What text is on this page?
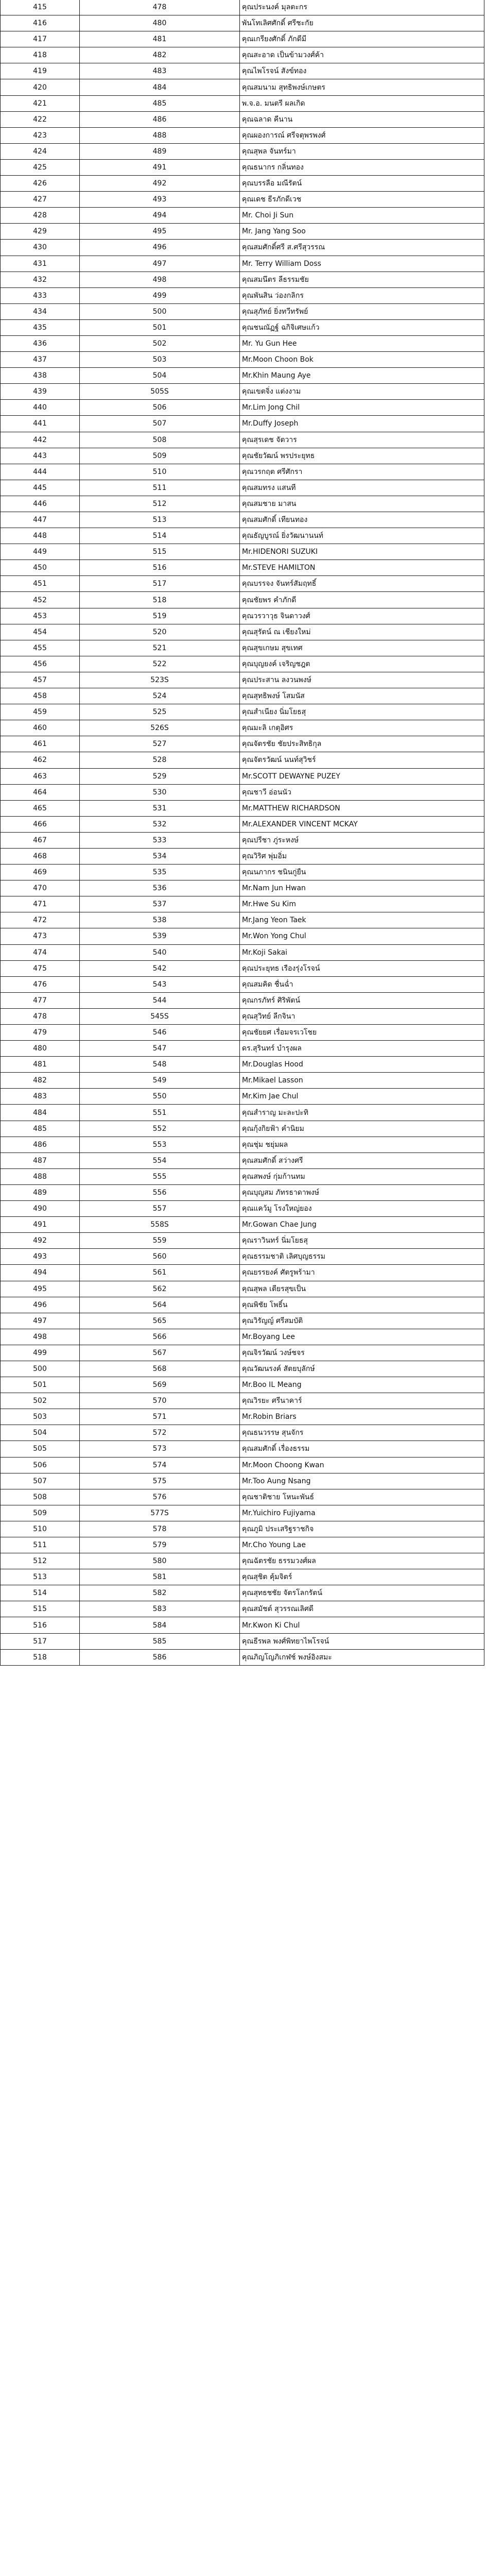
415	478	คุณประนงค์ มุลตะกร
416	480	พันโทเลิศศักดิ์ ศรีชะกัย
417	481	คุณเกรียงศักดิ์ ภักดีมี
418	482	คุณสะอาด เป็นข้ามวงศ์ค้า
419	483	คุณไพโรจน์ สังข์ทอง
420	484	คุณสมนาม สุทธิพงษ์เกษตร
421	485	พ.จ.อ. มนตรี ผลเกิด
422	486	คุณฉลาด คีนาน
423	488	คุณผองการณ์ ศรีจตุพรพงศ์
424	489	คุณสุพล จันทร์มา
425	491	คุณธนากร กลิ่นทอง
426	492	คุณบรรลือ มณีรัตน์
427	493	คุณเดช ธีรภักดีเวช
428	494	Mr. Choi Ji Sun
429	495	Mr. Jang Yang Soo
430	496	คุณสมศักดิ์ศรี ส.ศรีสุวรรณ
431	497	Mr. Terry William Doss
432	498	คุณสมนึตร ลีธรรมชัย
433	499	คุณพันสิน ว่องกลิกร
434	500	คุณสุภัทย์ ยิ่งทวีทรัพย์
435	501	คุณชนณัฏฐ์ ฉกิจิเศษแก้ว
436	502	Mr. Yu Gun Hee
437	503	Mr.Moon Choon Bok
438	504	Mr.Khin Maung Aye
439	505S	คุณเขตจิ่ง แต่งงาม
440	506	Mr.Lim Jong Chil
441	507	Mr.Duffy Joseph
442	508	คุณสุรเดช จัตวาร
443	509	คุณชัยวัฒน์ พรประยุทธ
444	510	คุณวรกฤต ศรีศักรา
445	511	คุณสมทรง แสนที
446	512	คุณสมชาย มาสน
447	513	คุณสมศักดิ์ เทียนทอง
448	514	คุณธัญบูรณ์ ยิ่งวัฒนานนท์
449	515	Mr.HIDENORI SUZUKI
450	516	Mr.STEVE HAMILTON
451	517	คุณบรรจง จันทร์สัมฤทธิ์
452	518	คุณชัยพร คำภักดี
453	519	คุณวรวาวุธ จินดาวงศ์
454	520	คุณสุรัตน์ ณ เชียงใหม่
455	521	คุณสุขเกษม สุขเทศ
456	522	คุณบุญยงค์ เจริญชฎต
457	523S	คุณประสาน ลงวนพงษ์
458	524	คุณสุทธิพงษ์ โสมนัส
459	525	คุณสำเนียง นิ่มโยธสุ
460	526S	คุณมะลิ เกตุอิศร
461	527	คุณจัตรชัย ชัยประสิทธิกุล
462	528	คุณจัตรวัฒน์ นนท์สุวิชร์
463	529	Mr.SCOTT DEWAYNE PUZEY
464	530	คุณชาวี อ่อนนัว
465	531	Mr.MATTHEW RICHARDSON
466	532	Mr.ALEXANDER VINCENT MCKAY
467	533	คุณปรีชา ภู่ระหงษ์
468	534	คุณวิริศ พุ่มอิ่ม
469	535	คุณนภากร ชนินกู่ยืน
470	536	Mr.Nam Jun Hwan
471	537	Mr.Hwe Su Kim
472	538	Mr.Jang Yeon Taek
473	539	Mr.Won Yong Chul
474	540	Mr.Koji Sakai
475	542	คุณประยุทธ เรืองรุ่งโรจน์
476	543	คุณสมคิด ชื่นฉ่ำ
477	544	คุณกรภัทร์ ศิริพัตน์
478	545S	คุณสุวิทย์ ลีกจินา
479	546	คุณชัยยศ เรื่อมจรเวโชย
480	547	ดร.สุรินทร์ บำรุงผล
481	548	Mr.Douglas Hood
482	549	Mr.Mikael Lasson
483	550	Mr.Kim Jae Chul
484	551	คุณสำราญ มะละปะทิ
485	552	คุณกุ้งกิยฟ้า คำนิยม
486	553	คุณชุ่ม ชยุ่มผล
487	554	คุณสมศักดิ์ สว่างศรี
488	555	คุณสพงษ์ กุ่มก้านทม
489	556	คุณบุญสม ภัทรธาดาพงษ์
490	557	คุณแคว้มู โรงใหญ่ยอง
491	558S	Mr.Gowan Chae Jung
492	559	คุณราวินทร์ นิ่มโยธสุ
493	560	คุณธรรมชาติ เลิศบุญธรรม
494	561	คุณยรรยงค์ ศัตรูพร้ามา
495	562	คุณสุพล เตียรสุขเป็น
496	564	คุณพิชัย โพธิ์น
497	565	คุณวิรัญญ์ ศรีสมบัติ
498	566	Mr.Boyang Lee
499	567	คุณจิรวัฒน์ วงษ์ชจร
500	568	คุณวัฒนรงค์ สัตยบุลักษ์
501	569	Mr.Boo IL Meang
502	570	คุณวิรยะ ศรีนาคาร์
503	571	Mr.Robin Briars
504	572	คุณธนวรรษ สุนจักร
505	573	คุณสมศักดิ์ เรื่องธรรม
506	574	Mr.Moon Choong Kwan
507	575	Mr.Too Aung Nsang
508	576	คุณชาติชาย โหนะพันธ์
509	577S	Mr.Yuichiro Fujiyama
510	578	คุณภูมิ ประเสริฐราชกิจ
511	579	Mr.Cho Young Lae
512	580	คุณฉัตรชัย ธรรมวงศ์ผล
513	581	คุณสุชิต คุ้มจิตร์
514	582	คุณสุทธชชัย จัตรโลกรัตน์
515	583	คุณสมัชต์ สุวรรณเลิศดี
516	584	Mr.Kwon Ki Chul
517	585	คุณธีรพล พงศ์พิทยาไพโรจน์
518	586	คุณภิญโญภิเกฬช์ พงษ์อิงสมะ
